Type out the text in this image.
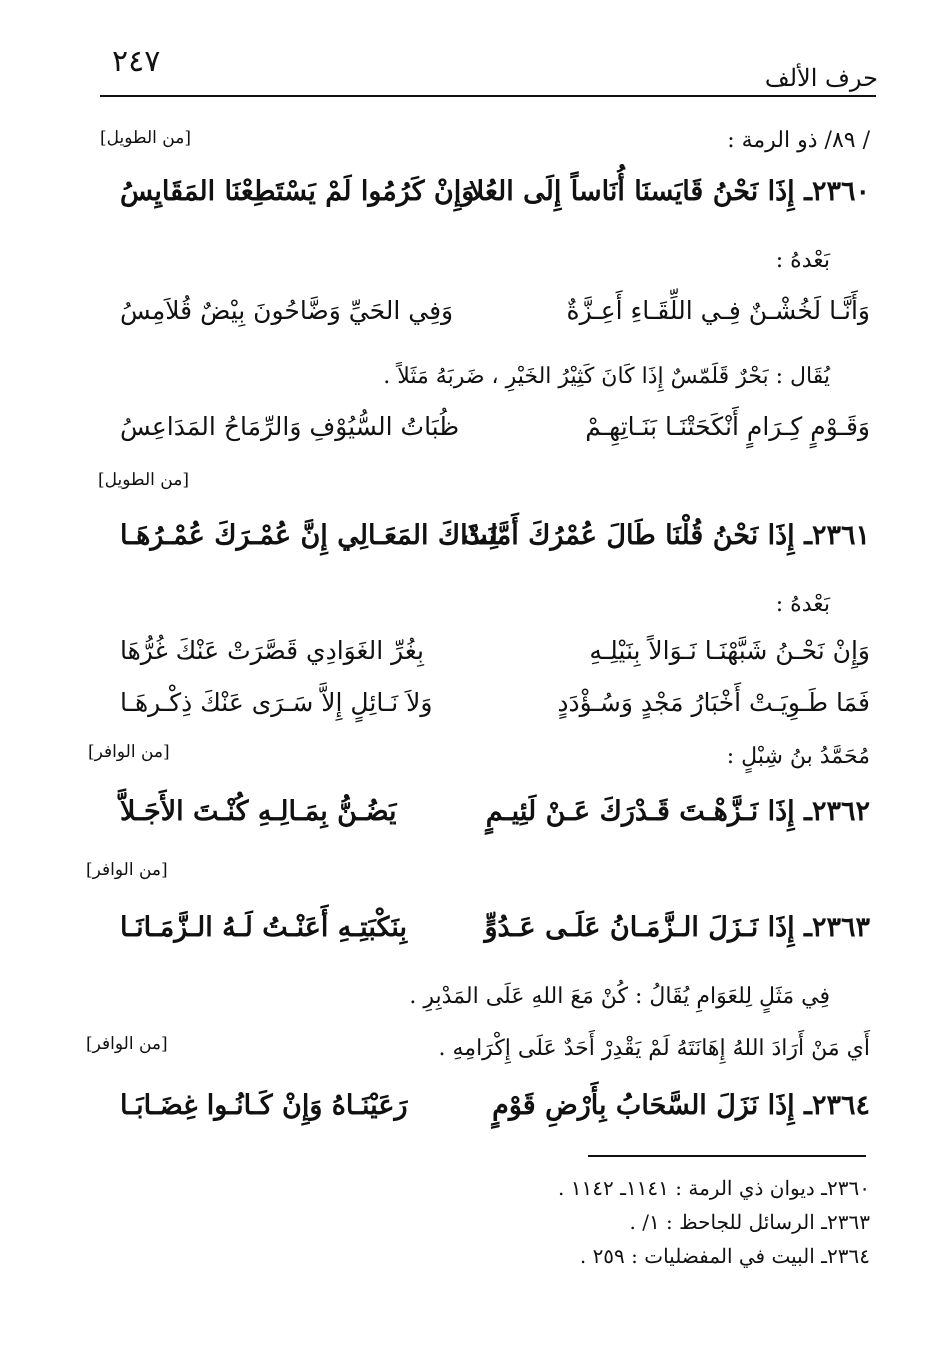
٢٤٧	حرف الألف
/ ٨٩/ ذو الرمة :
[من الطويل]
٢٣٦٠ـ إِذَا نَحْنُ قَايَسنَا أُنَاساً إِلَى العُلا
وَإِنْ كَرُمُوا لَمْ يَسْتَطِعْنَا المَقَايِسُ
بَعْدهُ :
وَأَنَّـا لَخُشْـنٌ فِـي اللِّقَـاءِ أَعِـزَّةٌ
وَفِي الحَيِّ وَضَّاحُونَ بِيْضٌ قُلاَمِسُ
يُقَال : بَحْرٌ قَلَمّسٌ إِذَا كَانَ كَثِيْرُ الخَيْرِ ، ضَربَهُ مَثَلاً .
وَقَـوْمٍ كِـرَامٍ أَنْكَحَتْنَـا بَنَـاتِهِـمْ
ظُبَاتُ السُّيُوْفِ وَالرِّمَاحُ المَدَاعِسُ
[من الطويل]
٢٣٦١ـ إِذَا نَحْنُ قُلْنَا طَالَ عُمْرُكَ أَمَّنَتْ
لِـذَاكَ المَعَـالِي إِنَّ عُمْـرَكَ عُمْـرُهَـا
بَعْدهُ :
وَإِنْ نَحْـنُ شَبَّهْنَـا نَـوَالاً بِنَيْلِـهِ
بِغُرِّ الغَوَادِي قَصَّرَتْ عَنْكَ غُرُّهَا
فَمَا طَـوِيَـتْ أَخْبَارُ مَجْدٍ وَسُـؤْدَدٍ
وَلاَ نَـائِلٍ إِلاَّ سَـرَى عَنْكَ ذِكْـرهَـا
مُحَمَّدُ بنُ شِبْلٍ :
[من الوافر]
٢٣٦٢ـ إِذَا نَـزَّهْـتَ قَـدْرَكَ عَـنْ لَئِيـمٍ
يَضُـنُّ بِمَـالِـهِ كُنْـتَ الأَجَـلاَّ
[من الوافر]
٢٣٦٣ـ إِذَا نَـزَلَ الـزَّمَـانُ عَلَـى عَـدُوٍّ
بِنَكْبَتِـهِ أَعَنْـتُ لَـهُ الـزَّمَـانَـا
فِي مَثَلٍ لِلعَوَامِ يُقَالُ : كُنْ مَعَ اللهِ عَلَى المَدْبِرِ .
أَي مَنْ أَرَادَ اللهُ إِهَانَتَهُ لَمْ يَقْدِرْ أَحَدٌ عَلَى إِكْرَامِهِ .
[من الوافر]
٢٣٦٤ـ إِذَا نَزَلَ السَّحَابُ بِأَرْضِ قَوْمٍ
رَعَيْنَـاهُ وَإِنْ كَـانُـوا غِضَـابَـا
٢٣٦٠ـ ديوان ذي الرمة : ١١٤١ـ ١١٤٢ .
٢٣٦٣ـ الرسائل للجاحظ : ١/ .
٢٣٦٤ـ البيت في المفضليات : ٢٥٩ .
